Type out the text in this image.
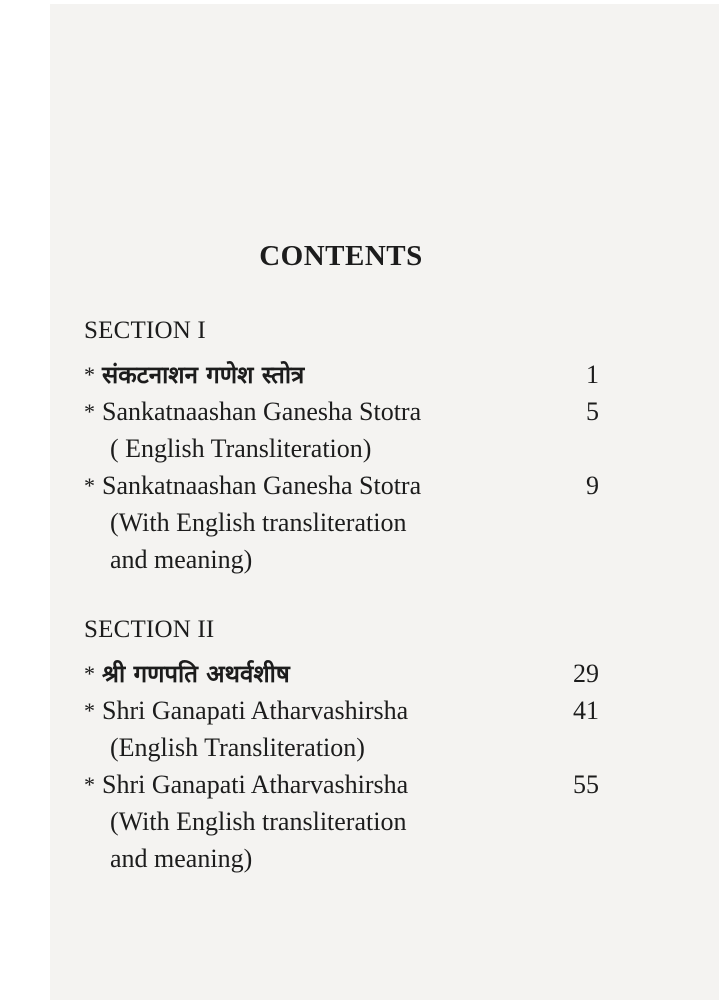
CONTENTS
SECTION I
* संकटनाशन गणेश स्तोत्र	1
* Sankatnaashan Ganesha Stotra	5
( English Transliteration)
* Sankatnaashan Ganesha Stotra	9
(With English transliteration
and meaning)
SECTION II
* श्री गणपति अथर्वशीष	29
* Shri Ganapati Atharvashirsha	41
(English Transliteration)
* Shri Ganapati Atharvashirsha	55
(With English transliteration
and meaning)
